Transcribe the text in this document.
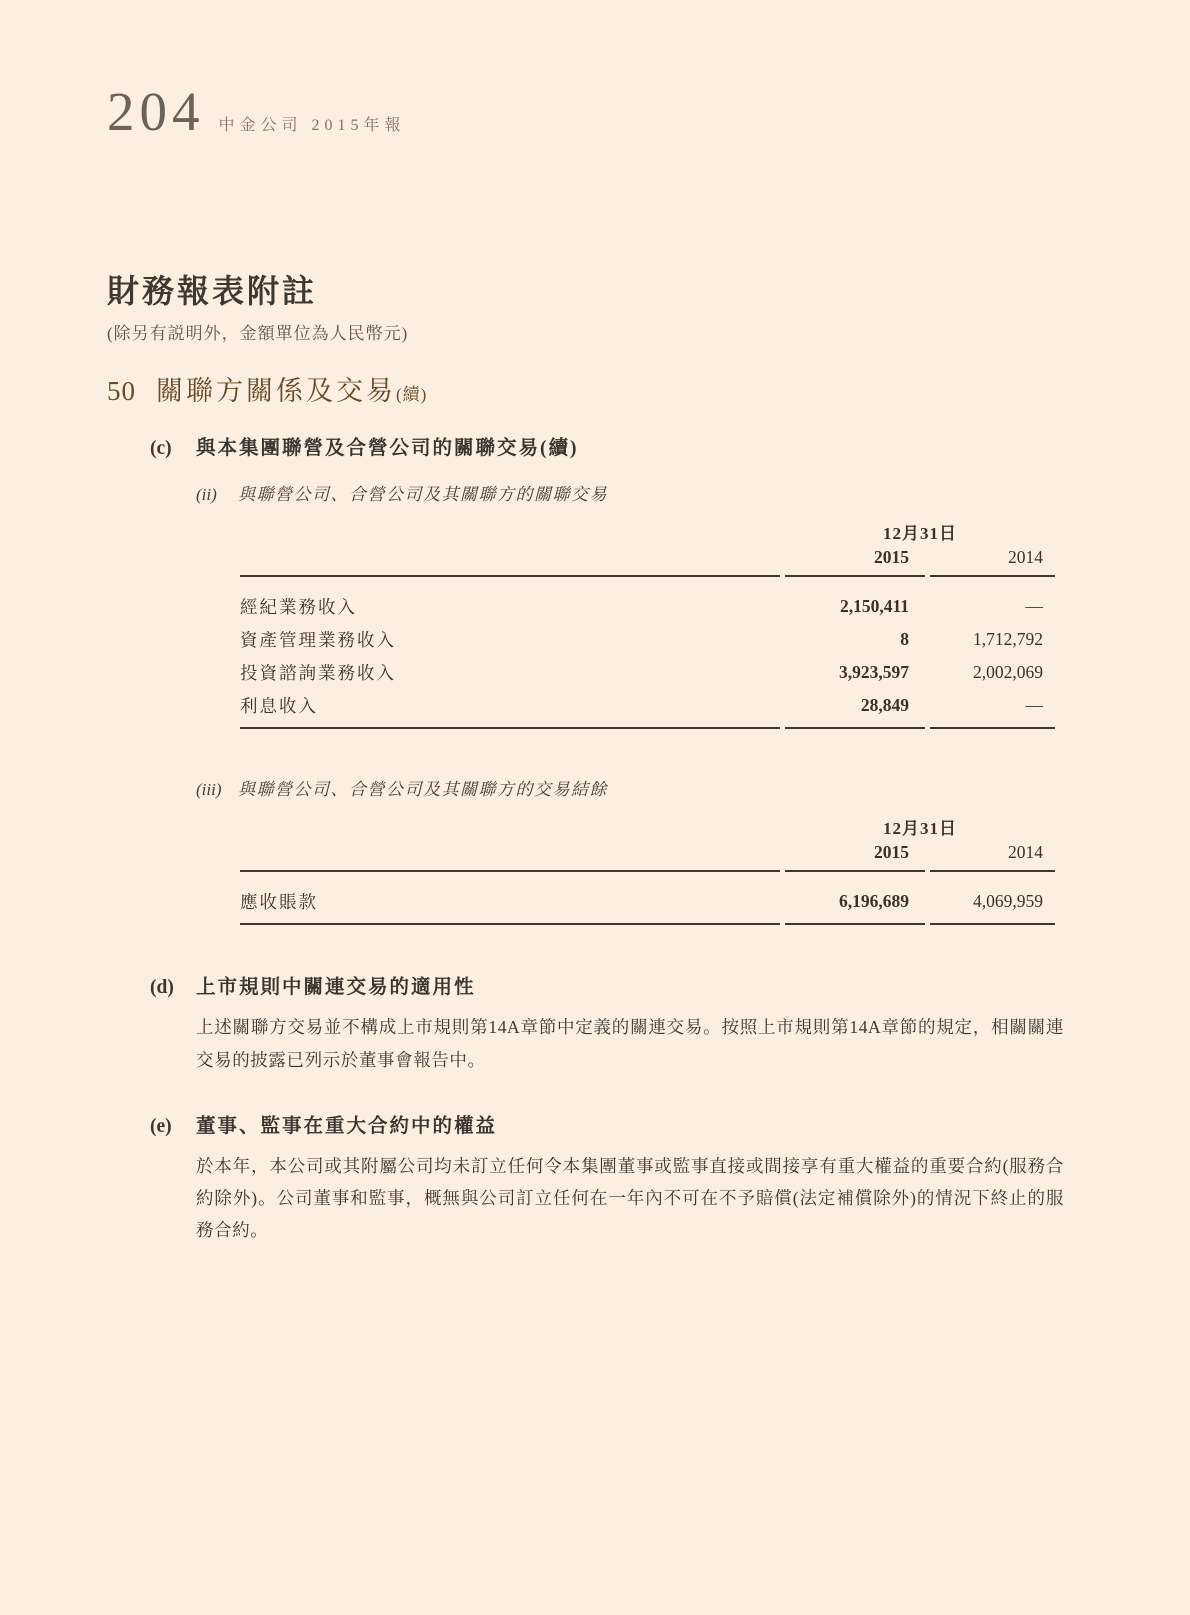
204 中金公司 2015年報
財務報表附註

(除另有説明外，金額單位為人民幣元)

50 關聯方關係及交易 (續)
(c)	與本集團聯營及合營公司的關聯交易(續)
(ii)	與聯營公司、合營公司及其關聯方的關聯交易
	12月31日	
	2015	2014
經紀業務收入	2,150,411	—
資產管理業務收入	8	1,712,792
投資諮詢業務收入	3,923,597	2,002,069
利息收入	28,849	—
(iii) 與聯營公司、合營公司及其關聯方的交易結餘
	12月31日	
	2015	2014
應收賬款	6,196,689	4,069,959
(d)	上市規則中關連交易的適用性

上述關聯方交易並不構成上市規則第14A章節中定義的關連交易。按照上市規則第14A章節的規定，相關關連交易的披露已列示於董事會報告中。

(e)	董事、監事在重大合約中的權益

於本年，本公司或其附屬公司均未訂立任何令本集團董事或監事直接或間接享有重大權益的重要合約(服務合約除外)。公司董事和監事，概無與公司訂立任何在一年內不可在不予賠償(法定補償除外)的情況下終止的服務合約。
